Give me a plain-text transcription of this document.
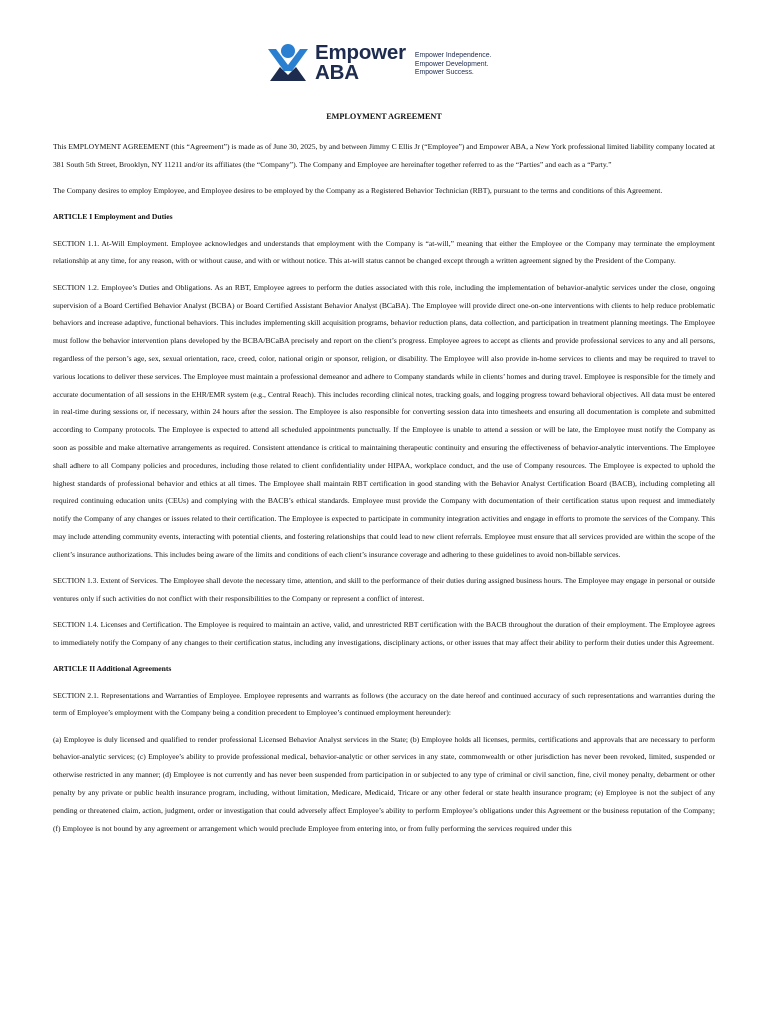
Empower
ABA
Empower Independence.
Empower Development.
Empower Success.
EMPLOYMENT AGREEMENT

This EMPLOYMENT AGREEMENT (this “Agreement”) is made as of June 30, 2025, by and between Jimmy C Ellis Jr (“Employee”) and Empower ABA, a New York professional limited liability company located at 381 South 5th Street, Brooklyn, NY 11211 and/or its affiliates (the “Company”). The Company and Employee are hereinafter together referred to as the “Parties” and each as a “Party.”

The Company desires to employ Employee, and Employee desires to be employed by the Company as a Registered Behavior Technician (RBT), pursuant to the terms and conditions of this Agreement.

ARTICLE I Employment and Duties

SECTION 1.1. At-Will Employment. Employee acknowledges and understands that employment with the Company is “at-will,” meaning that either the Employee or the Company may terminate the employment relationship at any time, for any reason, with or without cause, and with or without notice. This at-will status cannot be changed except through a written agreement signed by the President of the Company.

SECTION 1.2. Employee’s Duties and Obligations. As an RBT, Employee agrees to perform the duties associated with this role, including the implementation of behavior-analytic services under the close, ongoing supervision of a Board Certified Behavior Analyst (BCBA) or Board Certified Assistant Behavior Analyst (BCaBA). The Employee will provide direct one-on-one interventions with clients to help reduce problematic behaviors and increase adaptive, functional behaviors. This includes implementing skill acquisition programs, behavior reduction plans, data collection, and participation in treatment planning meetings. The Employee must follow the behavior intervention plans developed by the BCBA/BCaBA precisely and report on the client’s progress. Employee agrees to accept as clients and provide professional services to any and all persons, regardless of the person’s age, sex, sexual orientation, race, creed, color, national origin or sponsor, religion, or disability. The Employee will also provide in-home services to clients and may be required to travel to various locations to deliver these services. The Employee must maintain a professional demeanor and adhere to Company standards while in clients’ homes and during travel. Employee is responsible for the timely and accurate documentation of all sessions in the EHR/EMR system (e.g., Central Reach). This includes recording clinical notes, tracking goals, and logging progress toward behavioral objectives. All data must be entered in real-time during sessions or, if necessary, within 24 hours after the session. The Employee is also responsible for converting session data into timesheets and ensuring all documentation is complete and submitted according to Company protocols. The Employee is expected to attend all scheduled appointments punctually. If the Employee is unable to attend a session or will be late, the Employee must notify the Company as soon as possible and make alternative arrangements as required. Consistent attendance is critical to maintaining therapeutic continuity and ensuring the effectiveness of behavior-analytic interventions. The Employee shall adhere to all Company policies and procedures, including those related to client confidentiality under HIPAA, workplace conduct, and the use of Company resources. The Employee is expected to uphold the highest standards of professional behavior and ethics at all times. The Employee shall maintain RBT certification in good standing with the Behavior Analyst Certification Board (BACB), including completing all required continuing education units (CEUs) and complying with the BACB’s ethical standards. Employee must provide the Company with documentation of their certification status upon request and immediately notify the Company of any changes or issues related to their certification. The Employee is expected to participate in community integration activities and engage in efforts to promote the services of the Company. This may include attending community events, interacting with potential clients, and fostering relationships that could lead to new client referrals. Employee must ensure that all services provided are within the scope of the client’s insurance authorizations. This includes being aware of the limits and conditions of each client’s insurance coverage and adhering to these guidelines to avoid non-billable services.

SECTION 1.3. Extent of Services. The Employee shall devote the necessary time, attention, and skill to the performance of their duties during assigned business hours. The Employee may engage in personal or outside ventures only if such activities do not conflict with their responsibilities to the Company or represent a conflict of interest.

SECTION 1.4. Licenses and Certification. The Employee is required to maintain an active, valid, and unrestricted RBT certification with the BACB throughout the duration of their employment. The Employee agrees to immediately notify the Company of any changes to their certification status, including any investigations, disciplinary actions, or other issues that may affect their ability to perform their duties under this Agreement.

ARTICLE II Additional Agreements

SECTION 2.1. Representations and Warranties of Employee. Employee represents and warrants as follows (the accuracy on the date hereof and continued accuracy of such representations and warranties during the term of Employee’s employment with the Company being a condition precedent to Employee’s continued employment hereunder):

(a) Employee is duly licensed and qualified to render professional Licensed Behavior Analyst services in the State; (b) Employee holds all licenses, permits, certifications and approvals that are necessary to perform behavior-analytic services; (c) Employee’s ability to provide professional medical, behavior-analytic or other services in any state, commonwealth or other jurisdiction has never been revoked, limited, suspended or otherwise restricted in any manner; (d) Employee is not currently and has never been suspended from participation in or subjected to any type of criminal or civil sanction, fine, civil money penalty, debarment or other penalty by any private or public health insurance program, including, without limitation, Medicare, Medicaid, Tricare or any other federal or state health insurance program; (e) Employee is not the subject of any pending or threatened claim, action, judgment, order or investigation that could adversely affect Employee’s ability to perform Employee’s obligations under this Agreement or the business reputation of the Company; (f) Employee is not bound by any agreement or arrangement which would preclude Employee from entering into, or from fully performing the services required under this
